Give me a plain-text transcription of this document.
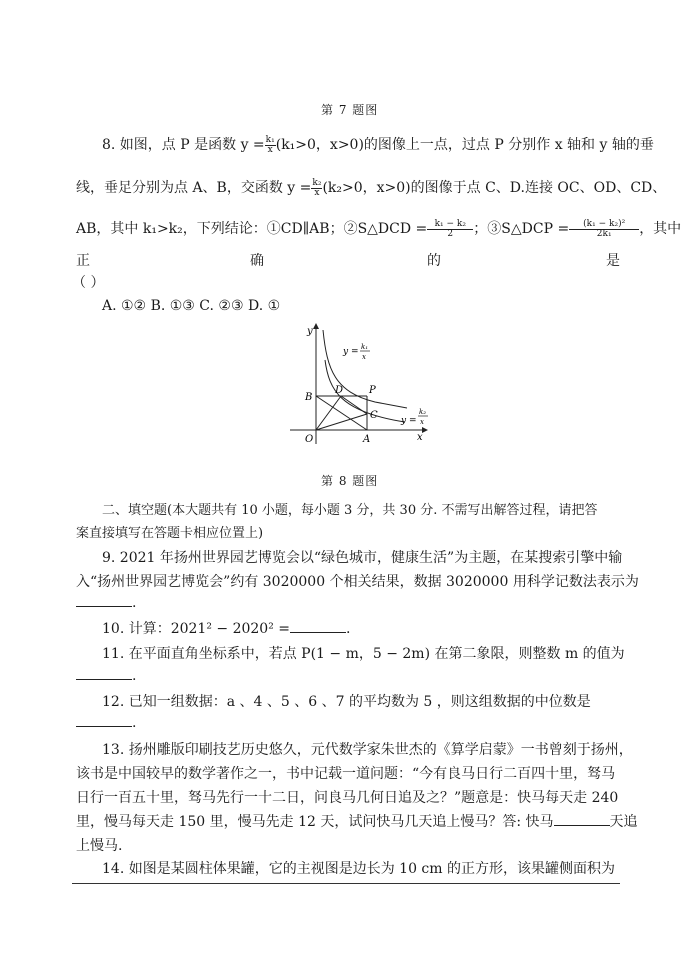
第 7 题图
8. 如图，点 P 是函数 $y = \frac{\text{k₁}}{x} (k_1>0$，x>0)的图像上一点，过点 P 分别作 x 轴和 y 轴的垂
线，垂足分别为点 A、B，交函数 $y = \frac{\text{k₂}}{x} (k_2>0$，x>0)的图像于点 C、D.连接 OC、OD、CD、
AB，其中 k₁>k₂，下列结论：①CD∥AB；②S△DCD = $\frac{\text{k₁ − k₂}}{2}$ ；③S△DCP = $\frac{\text{(k₁ − k₂)²}}{\text{2k₁}}$ ，其中
正	确	的	是
（ ）
A. ①② B. ①③ C. ②③ D. ①
y
x
O	A
B
C
D	P
y = k₁
x
y =
k₂
x
第 8 题图
二、填空题(本大题共有 10 小题，每小题 3 分，共 30 分. 不需写出解答过程，请把答
案直接填写在答题卡相应位置上)
9. 2021 年扬州世界园艺博览会以“绿色城市，健康生活”为主题，在某搜索引擎中输
入“扬州世界园艺博览会”约有 3020000 个相关结果，数据 3020000 用科学记数法表示为
.
10. 计算：2021² − 2020² =	.
11. 在平面直角坐标系中，若点 P(1 − m，5 − 2m) 在第二象限，则整数 m 的值为
.
12. 已知一组数据：a 、4 、5 、6 、7 的平均数为 5 ，则这组数据的中位数是
.
13. 扬州雕版印刷技艺历史悠久，元代数学家朱世杰的《算学启蒙》一书曾刻于扬州，
该书是中国较早的数学著作之一，书中记载一道问题：“今有良马日行二百四十里，驽马
日行一百五十里，驽马先行一十二日，问良马几何日追及之？”题意是：快马每天走 240
里，慢马每天走 150 里，慢马先走 12 天，试问快马几天追上慢马？答: 快马	天追
上慢马.
14. 如图是某圆柱体果罐，它的主视图是边长为 10 cm 的正方形，该果罐侧面积为
